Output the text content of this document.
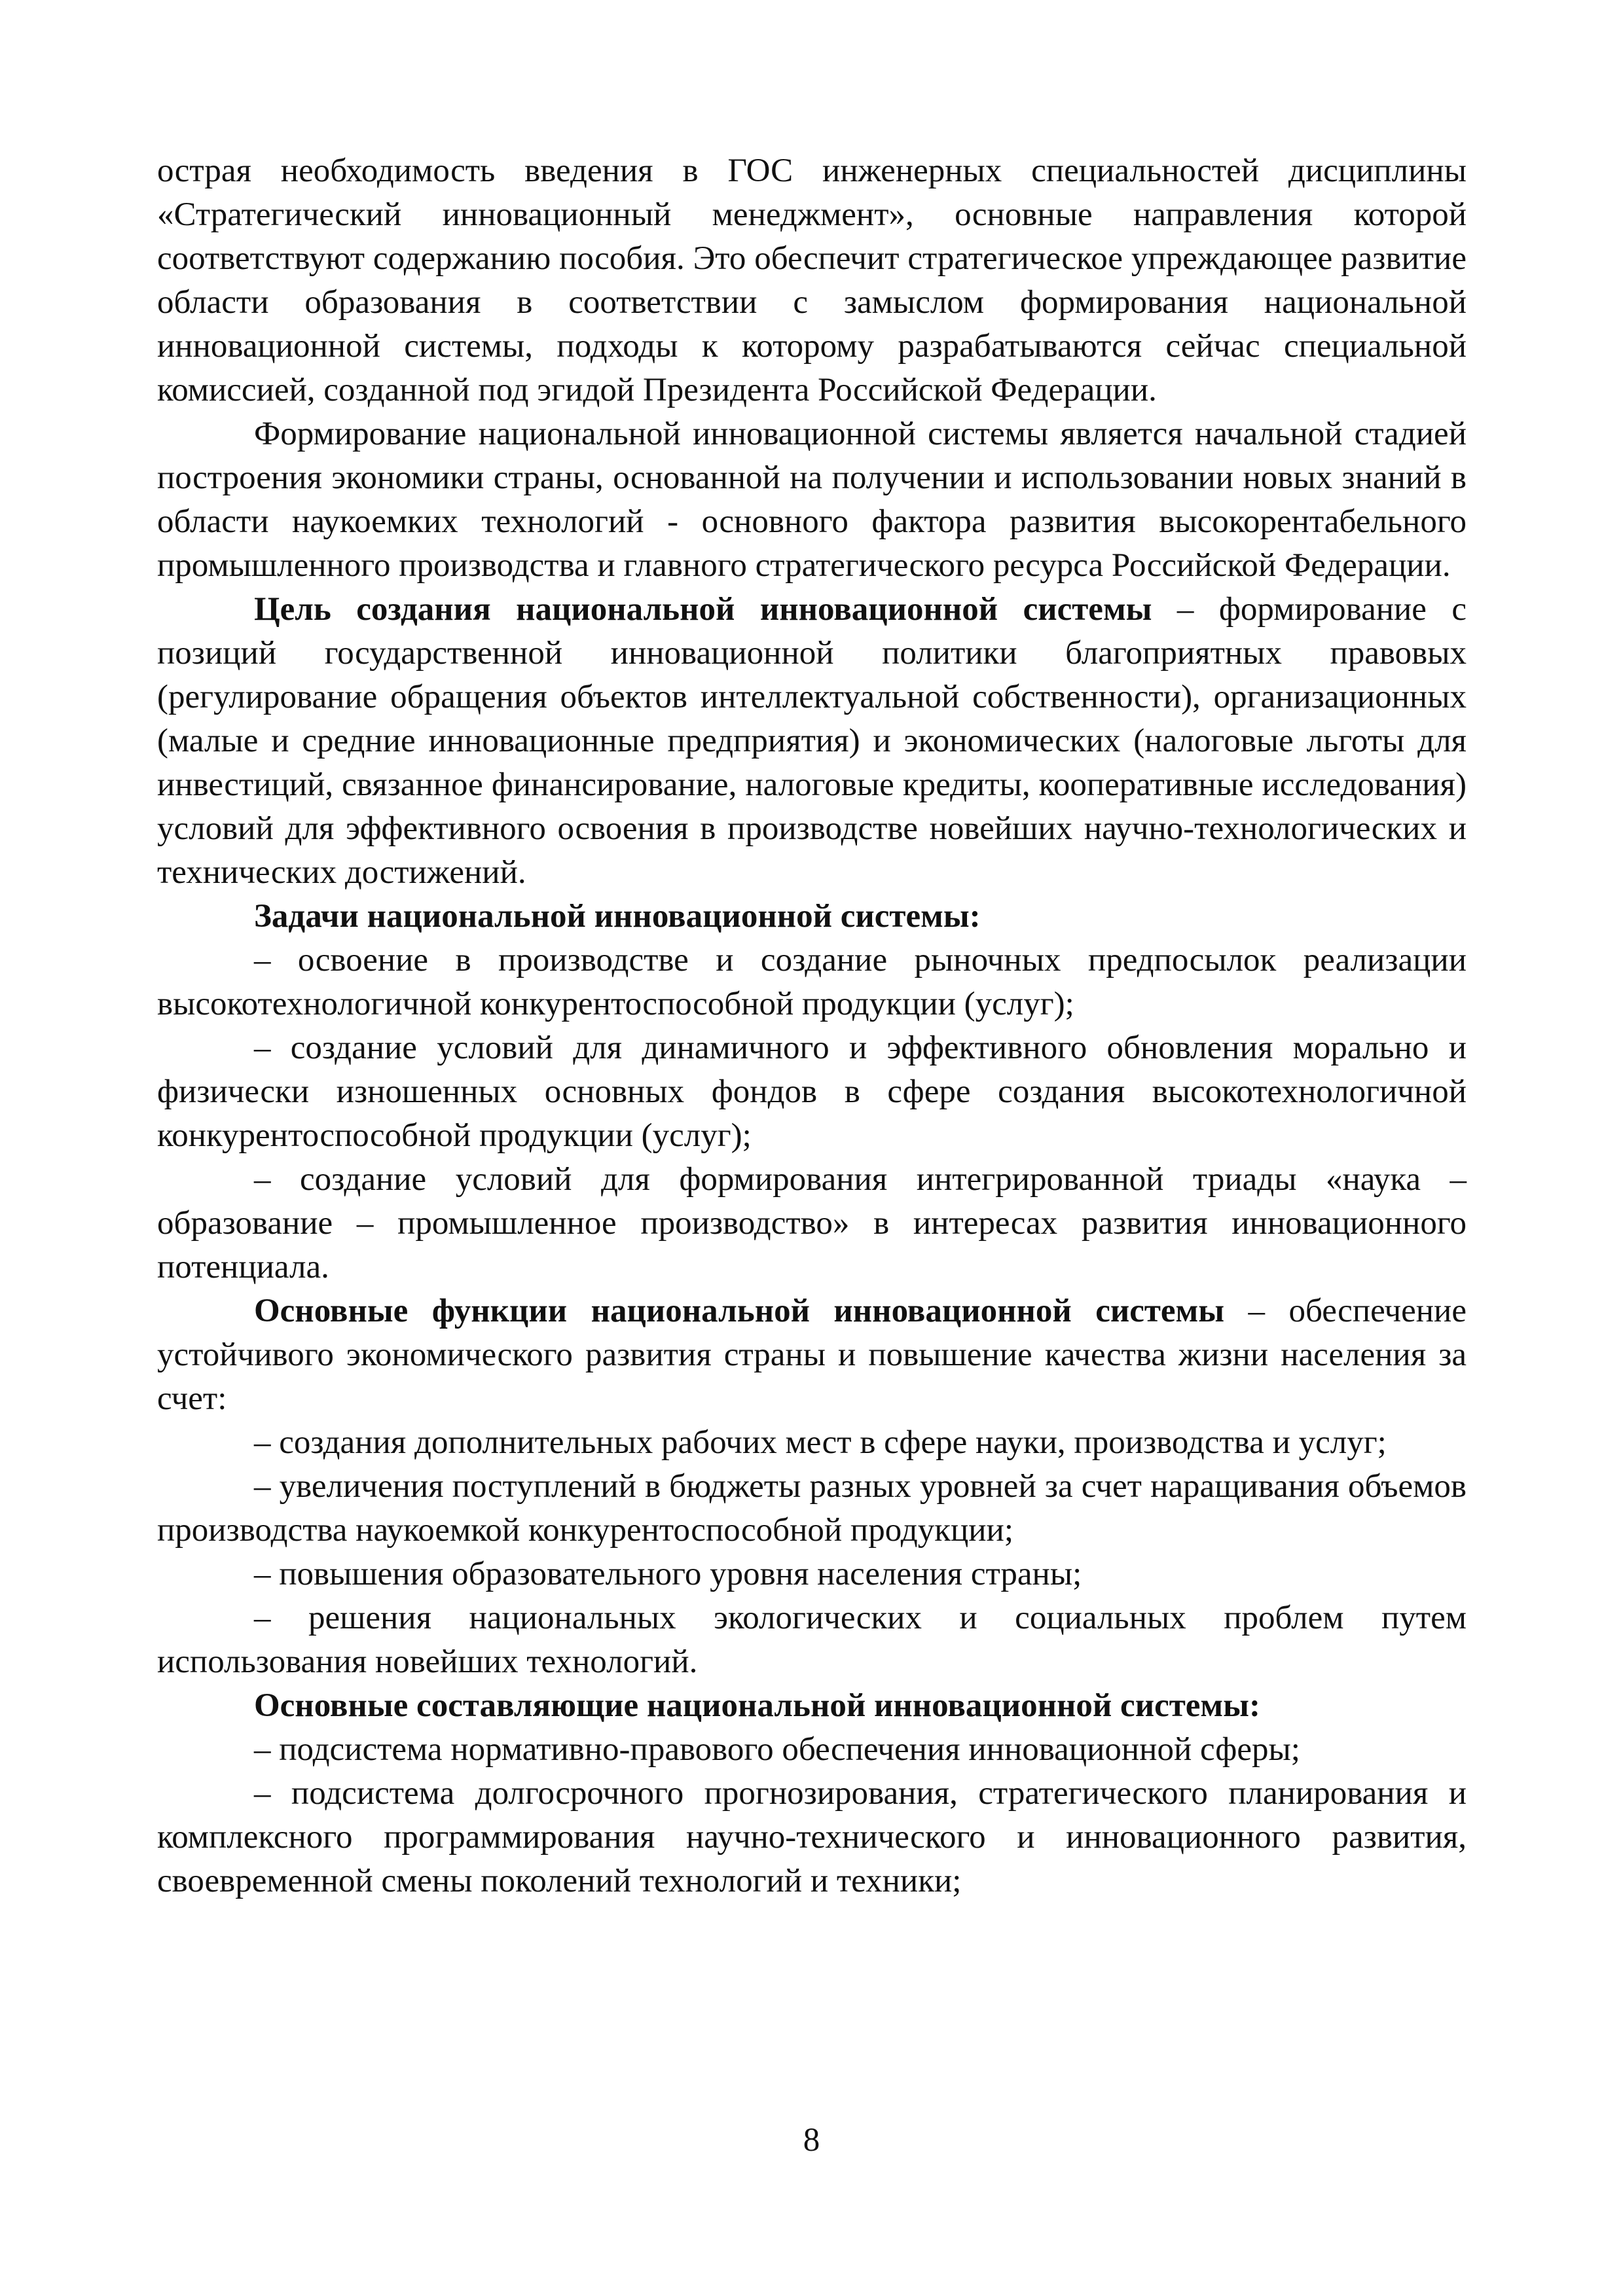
острая необходимость введения в ГОС инженерных специальностей дисциплины «Стратегический инновационный менеджмент», основные направления которой соответствуют содержанию пособия. Это обеспечит стратегическое упреждающее развитие области образования в соответствии с замыслом формирования национальной инновационной системы, подходы к которому разрабатываются сейчас специальной комиссией, созданной под эгидой Президента Российской Федерации.

Формирование национальной инновационной системы является начальной стадией построения экономики страны, основанной на получении и использовании новых знаний в области наукоемких технологий - основного фактора развития высокорентабельного промышленного производства и главного стратегического ресурса Российской Федерации.

Цель создания национальной инновационной системы – формирование с позиций государственной инновационной политики благоприятных правовых (регулирование обращения объектов интеллектуальной собственности), организационных (малые и средние инновационные предприятия) и экономических (налоговые льготы для инвестиций, связанное финансирование, налоговые кредиты, кооперативные исследования) условий для эффективного освоения в производстве новейших научно-технологических и технических достижений.

Задачи национальной инновационной системы:

– освоение в производстве и создание рыночных предпосылок реализации высокотехнологичной конкурентоспособной продукции (услуг);

– создание условий для динамичного и эффективного обновления морально и физически изношенных основных фондов в сфере создания высокотехнологичной конкурентоспособной продукции (услуг);

– создание условий для формирования интегрированной триады «наука – образование – промышленное производство» в интересах развития инновационного потенциала.

Основные функции национальной инновационной системы – обеспечение устойчивого экономического развития страны и повышение качества жизни населения за счет:

– создания дополнительных рабочих мест в сфере науки, производства и услуг;

– увеличения поступлений в бюджеты разных уровней за счет наращивания объемов производства наукоемкой конкурентоспособной продукции;

– повышения образовательного уровня населения страны;

– решения национальных экологических и социальных проблем путем использования новейших технологий.

Основные составляющие национальной инновационной системы:

– подсистема нормативно-правового обеспечения инновационной сферы;

– подсистема долгосрочного прогнозирования, стратегического планирования и комплексного программирования научно-технического и инновационного развития, своевременной смены поколений технологий и техники;

8
